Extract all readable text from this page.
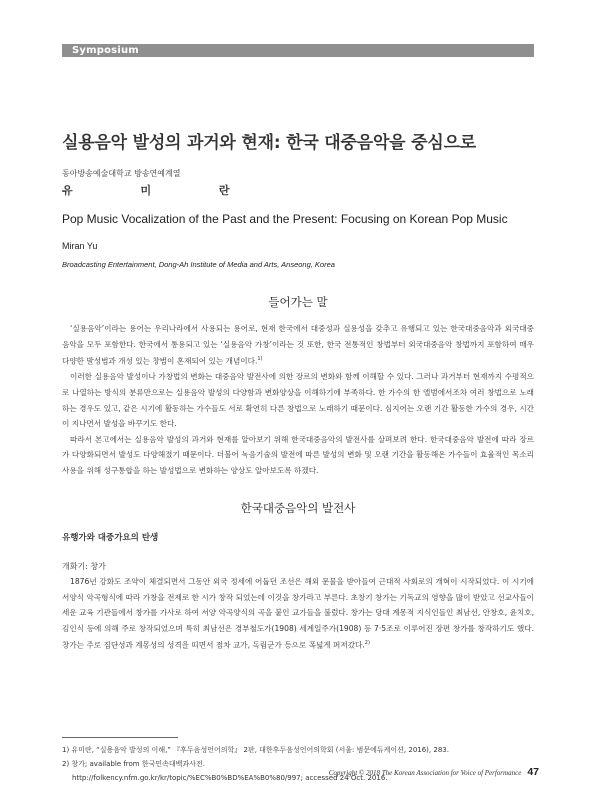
Symposium
실용음악 발성의 과거와 현재: 한국 대중음악을 중심으로
동아방송예술대학교 방송연예계열
유 미 란
Pop Music Vocalization of the Past and the Present: Focusing on Korean Pop Music
Miran Yu
Broadcasting Entertainment, Dong-Ah Institute of Media and Arts, Anseong, Korea
들어가는 말

‘실용음악’이라는 용어는 우리나라에서 사용되는 용어로, 현재 한국에서 대중성과 실용성을 갖추고 유행되고 있는 한국대중음악과 외국대중음악을 모두 포함한다. 한국에서 통용되고 있는 ‘실용음악 가창’이라는 것 또한, 한국 전통적인 창법부터 외국대중음악 창법까지 포함하여 매우 다양한 발성법과 개성 있는 창법이 혼재되어 있는 개념이다.$^{1)}$

이러한 실용음악 발성이나 가창법의 변화는 대중음악 발전사에 의한 장르의 변화와 함께 이해할 수 있다. 그러나 과거부터 현재까지 수평적으로 나열하는 방식의 분류만으로는 실용음악 발성의 다양함과 변화양상을 이해하기에 부족하다. 한 가수의 한 앨범에서조차 여러 창법으로 노래하는 경우도 있고, 같은 시기에 활동하는 가수들도 서로 확연히 다른 창법으로 노래하기 때문이다. 심지어는 오랜 기간 활동한 가수의 경우, 시간이 지나면서 발성을 바꾸기도 한다.

따라서 본고에서는 실용음악 발성의 과거와 현재를 알아보기 위해 한국대중음악의 발전사를 살펴보려 한다. 한국대중음악 발전에 따라 장르가 다양화되면서 발성도 다양해졌기 때문이다. 더불어 녹음기술의 발전에 따른 발성의 변화 및 오랜 기간을 활동해온 가수들이 효율적인 목소리 사용을 위해 성구통합을 하는 발성법으로 변화하는 양상도 알아보도록 하겠다.

한국대중음악의 발전사
유행가와 대중가요의 탄생
개화기: 창가

1876년 강화도 조약이 체결되면서 그동안 외국 정세에 어둡던 조선은 해외 문물을 받아들여 근대적 사회로의 개혁이 시작되었다. 이 시기에 서양식 악곡형식에 따라 가창을 전제로 한 시가 창작 되었는데 이것을 창가라고 부른다. 초창기 창가는 기독교의 영향을 많이 받았고 선교사들이 세운 교육 기관들에서 창가를 가사로 하여 서양 악곡양식의 곡을 붙인 교가들을 불렀다. 창가는 당대 계몽적 지식인들인 최남선, 안창호, 윤치호, 김인식 등에 의해 주로 창작되었으며 특히 최남선은 경부철도가(1908) 세계일주가(1908) 등 7·5조로 이루어진 장편 창가를 창작하기도 했다. 창가는 주로 집단성과 계몽성의 성격을 띠면서 점차 교가, 독립군가 등으로 폭넓게 퍼져갔다.$^{2)}$

1) 유미란, “실용음악 발성의 이해,” 『후두음성언어의학』 2판, 대한후두음성언어의학회 (서울: 범문에듀케이션, 2016), 283.
2) 창가; available from 한국민속대백과사전.
http://folkency.nfm.go.kr/kr/topic/%EC%B0%BD%EA%B0%80/997; accessed 24 Oct. 2016.
Copyright © 2018 The Korean Association for Voice of Performance 47
